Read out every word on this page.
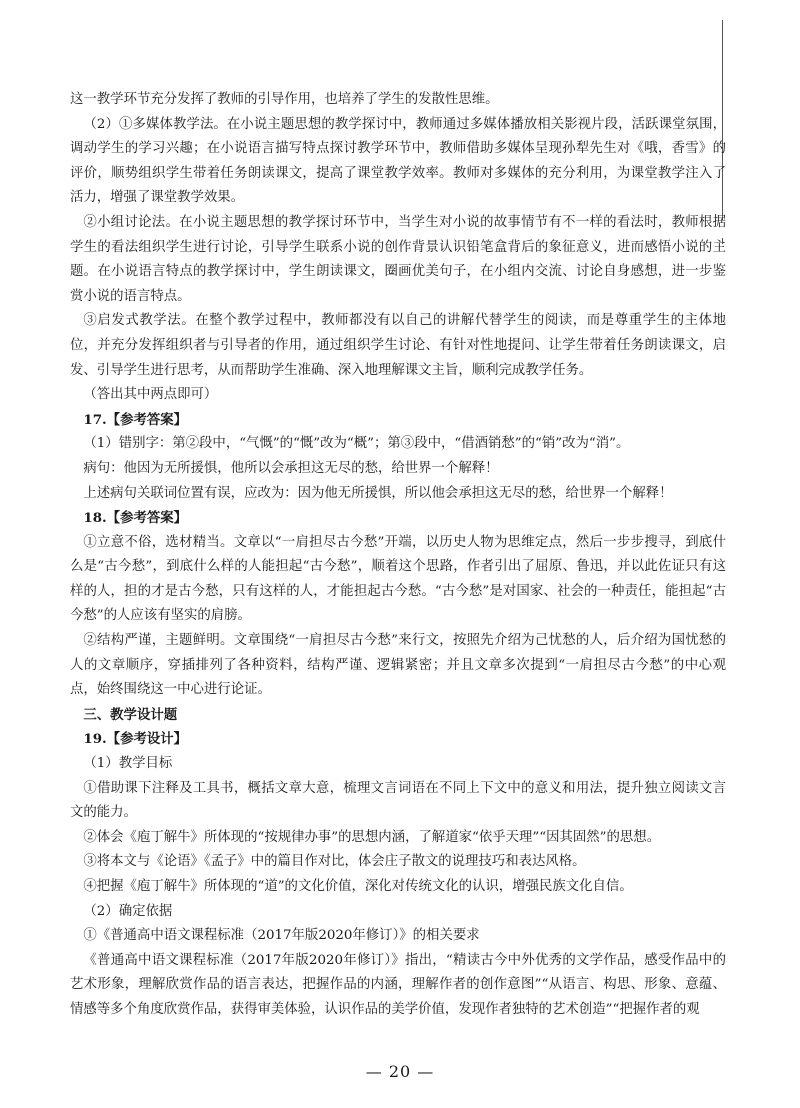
这一教学环节充分发挥了教师的引导作用，也培养了学生的发散性思维。

（2）①多媒体教学法。在小说主题思想的教学探讨中，教师通过多媒体播放相关影视片段，活跃课堂氛围，调动学生的学习兴趣；在小说语言描写特点探讨教学环节中，教师借助多媒体呈现孙犁先生对《哦，香雪》的评价，顺势组织学生带着任务朗读课文，提高了课堂教学效率。教师对多媒体的充分利用，为课堂教学注入了活力，增强了课堂教学效果。

②小组讨论法。在小说主题思想的教学探讨环节中，当学生对小说的故事情节有不一样的看法时，教师根据学生的看法组织学生进行讨论，引导学生联系小说的创作背景认识铅笔盒背后的象征意义，进而感悟小说的主题。在小说语言特点的教学探讨中，学生朗读课文，圈画优美句子，在小组内交流、讨论自身感想，进一步鉴赏小说的语言特点。

③启发式教学法。在整个教学过程中，教师都没有以自己的讲解代替学生的阅读，而是尊重学生的主体地位，并充分发挥组织者与引导者的作用，通过组织学生讨论、有针对性地提问、让学生带着任务朗读课文，启发、引导学生进行思考，从而帮助学生准确、深入地理解课文主旨，顺利完成教学任务。

（答出其中两点即可）

17.【参考答案】

（1）错别字：第②段中，“气慨”的“慨”改为“概”；第③段中，“借酒销愁”的“销”改为“消”。

病句：他因为无所援惧，他所以会承担这无尽的愁，给世界一个解释！

上述病句关联词位置有误，应改为：因为他无所援惧，所以他会承担这无尽的愁，给世界一个解释！

18.【参考答案】

①立意不俗，选材精当。文章以“一肩担尽古今愁”开端，以历史人物为思维定点，然后一步步搜寻，到底什么是“古今愁”，到底什么样的人能担起“古今愁”，顺着这个思路，作者引出了屈原、鲁迅，并以此佐证只有这样的人，担的才是古今愁，只有这样的人，才能担起古今愁。“古今愁”是对国家、社会的一种责任，能担起“古今愁”的人应该有坚实的肩膀。

②结构严谨，主题鲜明。文章围绕“一肩担尽古今愁”来行文，按照先介绍为己忧愁的人，后介绍为国忧愁的人的文章顺序，穿插排列了各种资料，结构严谨、逻辑紧密；并且文章多次提到“一肩担尽古今愁”的中心观点，始终围绕这一中心进行论证。

三、教学设计题

19.【参考设计】

（1）教学目标

①借助课下注释及工具书，概括文章大意，梳理文言词语在不同上下文中的意义和用法，提升独立阅读文言文的能力。

②体会《庖丁解牛》所体现的“按规律办事”的思想内涵，了解道家“依乎天理”“因其固然”的思想。

③将本文与《论语》《孟子》中的篇目作对比，体会庄子散文的说理技巧和表达风格。

④把握《庖丁解牛》所体现的“道”的文化价值，深化对传统文化的认识，增强民族文化自信。

（2）确定依据

①《普通高中语文课程标准（2017年版2020年修订）》的相关要求

《普通高中语文课程标准（2017年版2020年修订）》指出，“精读古今中外优秀的文学作品，感受作品中的艺术形象，理解欣赏作品的语言表达，把握作品的内涵，理解作者的创作意图”“从语言、构思、形象、意蕴、情感等多个角度欣赏作品，获得审美体验，认识作品的美学价值，发现作者独特的艺术创造”“把握作者的观

— 20 —
